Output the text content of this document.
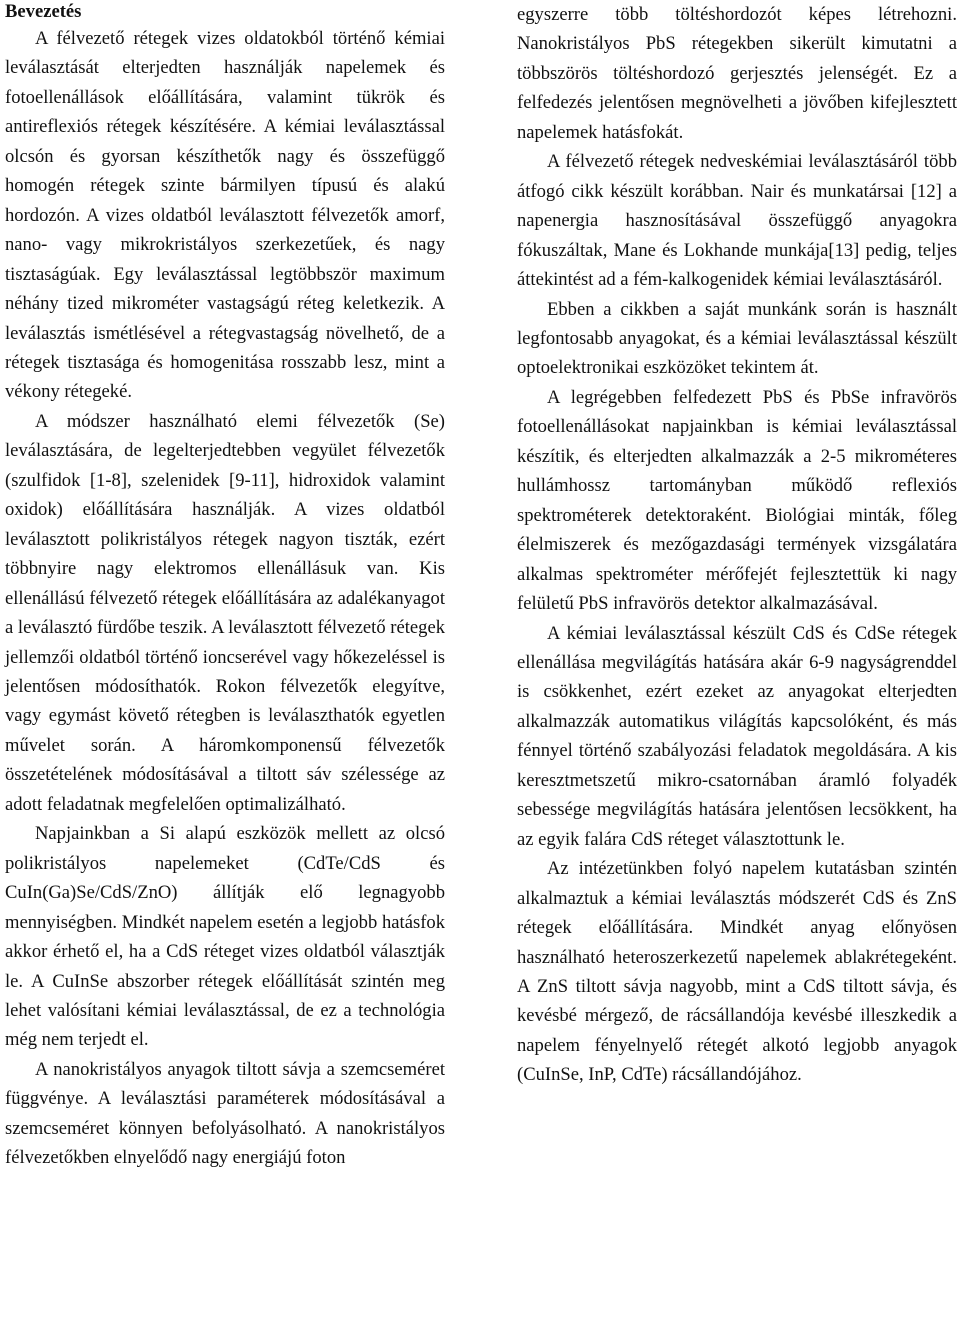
Bevezetés

A félvezető rétegek vizes oldatokból történő kémiai leválasztását elterjedten használják napelemek és fotoellenállások előállítására, valamint tükrök és antireflexiós rétegek készítésére. A kémiai leválasztással olcsón és gyorsan készíthetők nagy és összefüggő homogén rétegek szinte bármilyen típusú és alakú hordozón. A vizes oldatból leválasztott félvezetők amorf, nano- vagy mikrokristályos szerkezetűek, és nagy tisztaságúak. Egy leválasztással legtöbbször maximum néhány tized mikrométer vastagságú réteg keletkezik. A leválasztás ismétlésével a rétegvastagság növelhető, de a rétegek tisztasága és homogenitása rosszabb lesz, mint a vékony rétegeké.

A módszer használható elemi félvezetők (Se) leválasztására, de legelterjedtebben vegyület félvezetők (szulfidok [1-8], szelenidek [9-11], hidroxidok valamint oxidok) előállítására használják. A vizes oldatból leválasztott polikristályos rétegek nagyon tiszták, ezért többnyire nagy elektromos ellenállásuk van. Kis ellenállású félvezető rétegek előállítására az adalékanyagot a leválasztó fürdőbe teszik. A leválasztott félvezető rétegek jellemzői oldatból történő ioncserével vagy hőkezeléssel is jelentősen módosíthatók. Rokon félvezetők elegyítve, vagy egymást követő rétegben is leválaszthatók egyetlen művelet során. A háromkomponensű félvezetők összetételének módosításával a tiltott sáv szélessége az adott feladatnak megfelelően optimalizálható.

Napjainkban a Si alapú eszközök mellett az olcsó polikristályos napelemeket (CdTe/CdS és CuIn(Ga)Se/CdS/ZnO) állítják elő legnagyobb mennyiségben. Mindkét napelem esetén a legjobb hatásfok akkor érhető el, ha a CdS réteget vizes oldatból választják le. A CuInSe abszorber rétegek előállítását szintén meg lehet valósítani kémiai leválasztással, de ez a technológia még nem terjedt el.

A nanokristályos anyagok tiltott sávja a szemcseméret függvénye. A leválasztási paraméterek módosításával a szemcseméret könnyen befolyásolható. A nanokristályos félvezetőkben elnyelődő nagy energiájú foton

egyszerre több töltéshordozót képes létrehozni. Nanokristályos PbS rétegekben sikerült kimutatni a többszörös töltéshordozó gerjesztés jelenségét. Ez a felfedezés jelentősen megnövelheti a jövőben kifejlesztett napelemek hatásfokát.

A félvezető rétegek nedveskémiai leválasztásáról több átfogó cikk készült korábban. Nair és munkatársai [12] a napenergia hasznosításával összefüggő anyagokra fókuszáltak, Mane és Lokhande munkája[13] pedig, teljes áttekintést ad a fém-kalkogenidek kémiai leválasztásáról.

Ebben a cikkben a saját munkánk során is használt legfontosabb anyagokat, és a kémiai leválasztással készült optoelektronikai eszközöket tekintem át.

A legrégebben felfedezett PbS és PbSe infravörös fotoellenállásokat napjainkban is kémiai leválasztással készítik, és elterjedten alkalmazzák a 2-5 mikrométeres hullámhossz tartományban működő reflexiós spektrométerek detektoraként. Biológiai minták, főleg élelmiszerek és mezőgazdasági termények vizsgálatára alkalmas spektrométer mérőfejét fejlesztettük ki nagy felületű PbS infravörös detektor alkalmazásával.

A kémiai leválasztással készült CdS és CdSe rétegek ellenállása megvilágítás hatására akár 6-9 nagyságrenddel is csökkenhet, ezért ezeket az anyagokat elterjedten alkalmazzák automatikus világítás kapcsolóként, és más fénnyel történő szabályozási feladatok megoldására. A kis keresztmetszetű mikro-csatornában áramló folyadék sebessége megvilágítás hatására jelentősen lecsökkent, ha az egyik falára CdS réteget választottunk le.

Az intézetünkben folyó napelem kutatásban szintén alkalmaztuk a kémiai leválasztás módszerét CdS és ZnS rétegek előállítására. Mindkét anyag előnyösen használható heteroszerkezetű napelemek ablakrétegeként. A ZnS tiltott sávja nagyobb, mint a CdS tiltott sávja, és kevésbé mérgező, de rácsállandója kevésbé illeszkedik a napelem fényelnyelő rétegét alkotó legjobb anyagok (CuInSe, InP, CdTe) rácsállandójához.
